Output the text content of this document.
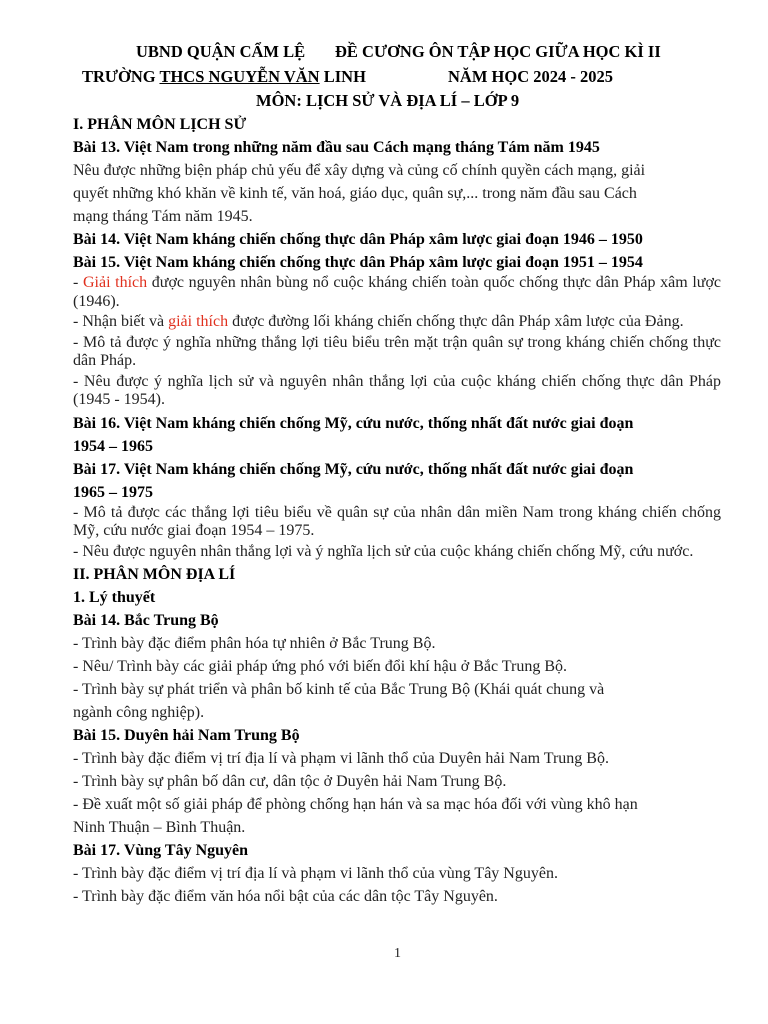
UBND QUẬN CẨM LỆ ĐỀ CƯƠNG ÔN TẬP HỌC GIỮA HỌC KÌ II
TRƯỜNG THCS NGUYỄN VĂN LINH	NĂM HỌC 2024 - 2025
MÔN: LỊCH SỬ VÀ ĐỊA LÍ – LỚP 9
I. PHÂN MÔN LỊCH SỬ
Bài 13. Việt Nam trong những năm đầu sau Cách mạng tháng Tám năm 1945
Nêu được những biện pháp chủ yếu để xây dựng và củng cố chính quyền cách mạng, giải
quyết những khó khăn về kinh tế, văn hoá, giáo dục, quân sự,... trong năm đầu sau Cách
mạng tháng Tám năm 1945.
Bài 14. Việt Nam kháng chiến chống thực dân Pháp xâm lược giai đoạn 1946 – 1950
Bài 15. Việt Nam kháng chiến chống thực dân Pháp xâm lược giai đoạn 1951 – 1954
- Giải thích được nguyên nhân bùng nổ cuộc kháng chiến toàn quốc chống thực dân Pháp xâm lược (1946).
- Nhận biết và giải thích được đường lối kháng chiến chống thực dân Pháp xâm lược của Đảng.
- Mô tả được ý nghĩa những thắng lợi tiêu biểu trên mặt trận quân sự trong kháng chiến chống thực dân Pháp.
- Nêu được ý nghĩa lịch sử và nguyên nhân thắng lợi của cuộc kháng chiến chống thực dân Pháp (1945 - 1954).
Bài 16. Việt Nam kháng chiến chống Mỹ, cứu nước, thống nhất đất nước giai đoạn
1954 – 1965
Bài 17. Việt Nam kháng chiến chống Mỹ, cứu nước, thống nhất đất nước giai đoạn
1965 – 1975
- Mô tả được các thắng lợi tiêu biểu về quân sự của nhân dân miền Nam trong kháng chiến chống Mỹ, cứu nước giai đoạn 1954 – 1975.
- Nêu được nguyên nhân thắng lợi và ý nghĩa lịch sử của cuộc kháng chiến chống Mỹ, cứu nước.
II. PHÂN MÔN ĐỊA LÍ
1. Lý thuyết
Bài 14. Bắc Trung Bộ
- Trình bày đặc điểm phân hóa tự nhiên ở Bắc Trung Bộ.
- Nêu/ Trình bày các giải pháp ứng phó với biến đổi khí hậu ở Bắc Trung Bộ.
- Trình bày sự phát triển và phân bố kinh tế của Bắc Trung Bộ (Khái quát chung và
ngành công nghiệp).
Bài 15. Duyên hải Nam Trung Bộ
- Trình bày đặc điểm vị trí địa lí và phạm vi lãnh thổ của Duyên hải Nam Trung Bộ.
- Trình bày sự phân bố dân cư, dân tộc ở Duyên hải Nam Trung Bộ.
- Đề xuất một số giải pháp để phòng chống hạn hán và sa mạc hóa đối với vùng khô hạn
Ninh Thuận – Bình Thuận.
Bài 17. Vùng Tây Nguyên
- Trình bày đặc điểm vị trí địa lí và phạm vi lãnh thổ của vùng Tây Nguyên.
- Trình bày đặc điểm văn hóa nổi bật của các dân tộc Tây Nguyên.
1
